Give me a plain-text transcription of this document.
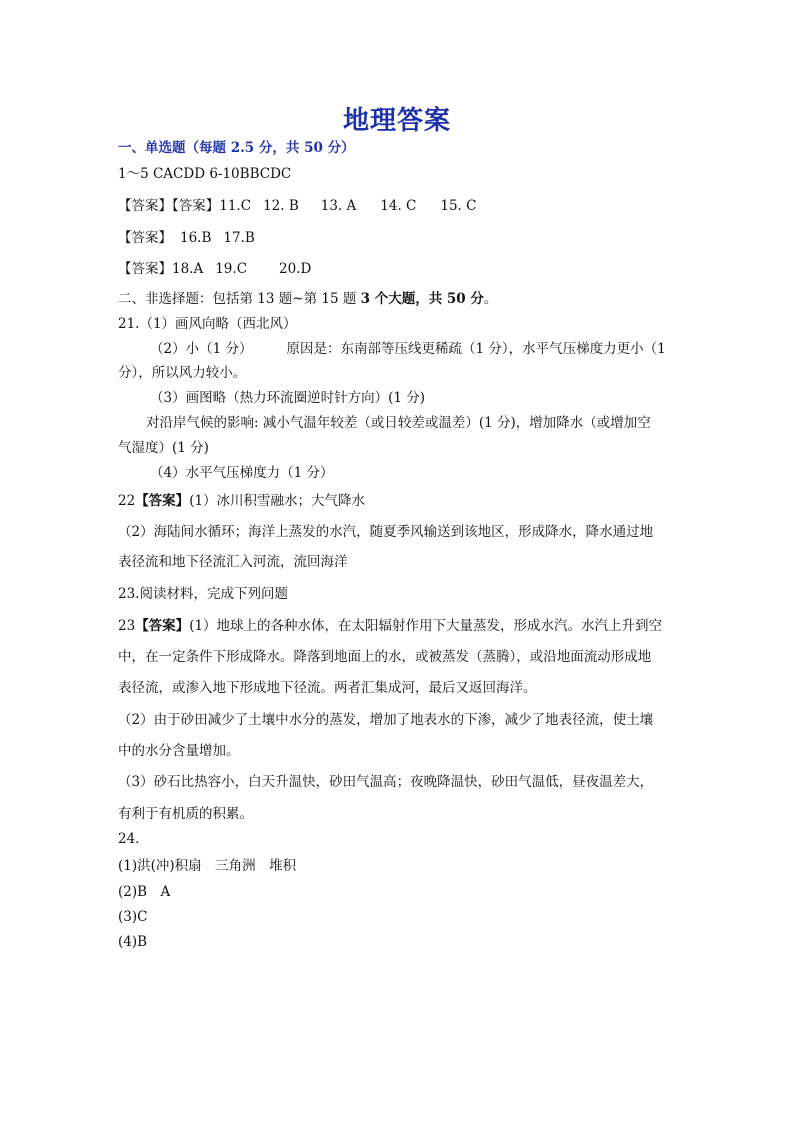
地理答案
一、单选题（每题 2.5 分，共 50 分）
1～5 CACDD 6-10BBCDC
【答案】【答案】11.C 12. B 13. A 14. C 15. C
【答案】 16.B 17.B
【答案】18.A 19.C 20.D
二、非选择题：包括第 13 题~第 15 题 3 个大题，共 50 分。
21.（1）画风向略（西北风）
（2）小（1 分）	原因是：东南部等压线更稀疏（1 分），水平气压梯度力更小（1
分），所以风力较小。
（3）画图略（热力环流圈逆时针方向）(1 分)
对沿岸气候的影响: 减小气温年较差（或日较差或温差）(1 分)，增加降水（或增加空
气湿度）(1 分)
（4）水平气压梯度力（1 分）
22【答案】(1）冰川积雪融水；大气降水
（2）海陆间水循环；海洋上蒸发的水汽，随夏季风输送到该地区，形成降水，降水通过地
表径流和地下径流汇入河流，流回海洋
23.阅读材料，完成下列问题
23【答案】(1）地球上的各种水体，在太阳辐射作用下大量蒸发，形成水汽。水汽上升到空
中，在一定条件下形成降水。降落到地面上的水，或被蒸发（蒸腾），或沿地面流动形成地
表径流，或渗入地下形成地下径流。两者汇集成河，最后又返回海洋。
（2）由于砂田减少了土壤中水分的蒸发，增加了地表水的下渗，减少了地表径流，使土壤
中的水分含量增加。
（3）砂石比热容小，白天升温快，砂田气温高；夜晚降温快，砂田气温低，昼夜温差大，
有利于有机质的积累。
24．
(1)洪(冲)积扇　三角洲　堆积
(2)B　A
(3)C
(4)B
